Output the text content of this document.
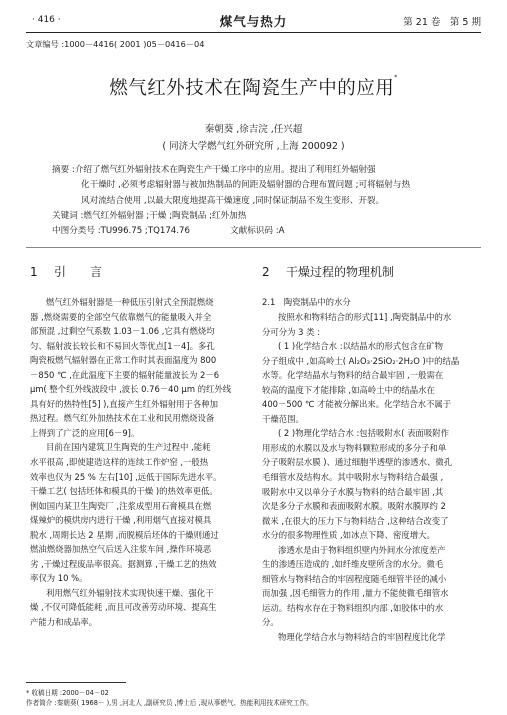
· 416 ·	煤气与热力	第 21 卷　第 5 期
文章编号 :1000－4416( 2001 )05－0416－04
燃气红外技术在陶瓷生产中的应用*
秦朝葵 ,徐吉浣 ,任兴超
( 同济大学燃气红外研究所 ,上海 200092 )
摘要 :介绍了燃气红外辐射技术在陶瓷生产干燥工序中的应用。提出了利用红外辐射强
化干燥时 ,必须考虑辐射器与被加热制品的间距及辐射器的合理布置问题 ;可将辐射与热
风对流结合使用 ,以最大限度地提高干燥速度 ,同时保证制品不发生变形、开裂。
关键词 :燃气红外辐射器 ;干燥 ;陶瓷制品 ;红外加热
中图分类号 :TU996.75 ;TQ174.76	文献标识码 :A
1 引　　言
燃气红外辐射器是一种低压引射式全预混燃烧
器 ,燃烧需要的全部空气依靠燃气的能量吸入并全
部预混 ,过剩空气系数 1.03－1.06 ,它具有燃烧均
匀、辐射波长较长和不易回火等优点[1－4]。多孔
陶瓷板燃气辐射器在正常工作时其表面温度为 800
－850 ℃ ,在此温度下主要的辐射能量波长为 2－6
μm( 整个红外线波段中 ,波长 0.76－40 μm 的红外线
具有好的热特性[5] ),直接产生红外辐射用于各种加
热过程。燃气红外加热技术在工业和民用燃烧设备
上得到了广泛的应用[6－9]。
目前在国内建筑卫生陶瓷的生产过程中 ,能耗
水平很高 ,即使建造这样的连续工作炉窑 ,一般热
效率也仅为 25 % 左右[10] ,远低于国际先进水平。
干燥工艺( 包括坯体和模具的干燥 )的热效率更低。
例如国内某卫生陶瓷厂 ,注浆成型用石膏模具在燃
煤辣炉的模烘房内进行干燥 ,利用烟气直接对模具
脱水 ,周期长达 2 星期 ,而脱模后坯体的干燥则通过
燃油燃烧器加热空气后送入注浆车间 ,操作环境恶
劣 ,干燥过程废品率很高。据测算 ,干燥工艺的热效
率仅为 10 %。
利用燃气红外辐射技术实现快速干燥、强化干
燥 ,不仅可降低能耗 ,而且可改善劳动环境、提高生
产能力和成品率。
2 干燥过程的物理机制
2.1　陶瓷制品中的水分
按照水和物料结合的形式[11] ,陶瓷制品中的水
分可分为 3 类 :
( 1 )化学结合水 :以结晶水的形式包含在矿物
分子组成中 ,如高岭土( Al₂O₃·2SiO₂·2H₂O )中的结晶
水等。化学结晶水与物料的结合最牢固 ,一般需在
较高的温度下才能排除 ,如高岭土中的结晶水在
400－500 ℃ 才能被分解出来。化学结合水不属于
干燥范围。
( 2 )物理化学结合水 :包括吸附水( 表面吸附作
用形成的水膜以及水与物料颗粒形成的多分子和单
分子吸附层水膜 )、通过细胞半透壁的渗透水、微孔
毛细管水及结构水。其中吸附水与物料结合最强 ,
吸附水中又以单分子水膜与物料的结合最牢固 ,其
次是多分子水膜和表面吸附水膜。吸附水膜厚约 2
微米 ,在很大的压力下与物料结合 ,这种结合改变了
水分的很多物理性质 ,如冰点下降、密度增大。
渗透水是由于物料组织壁内外间水分浓度差产
生的渗透压造成的 ,如纤维皮壁所含的水分。微毛
细管水与物料结合的牢固程度随毛细管半径的减小
而加强 ,因毛细管力的作用 ,量力不能使微毛细管水
运动。结构水存在于物料组织内部 ,如胶体中的水
分。
物理化学结合水与物料结合的牢固程度比化学
* 收稿日期 :2000－04－02
作者简介 :秦朝葵( 1968－ ),男 ,河北人 ,副研究员 ,博士后 ,现从事燃气、热能利用技术研究工作。
